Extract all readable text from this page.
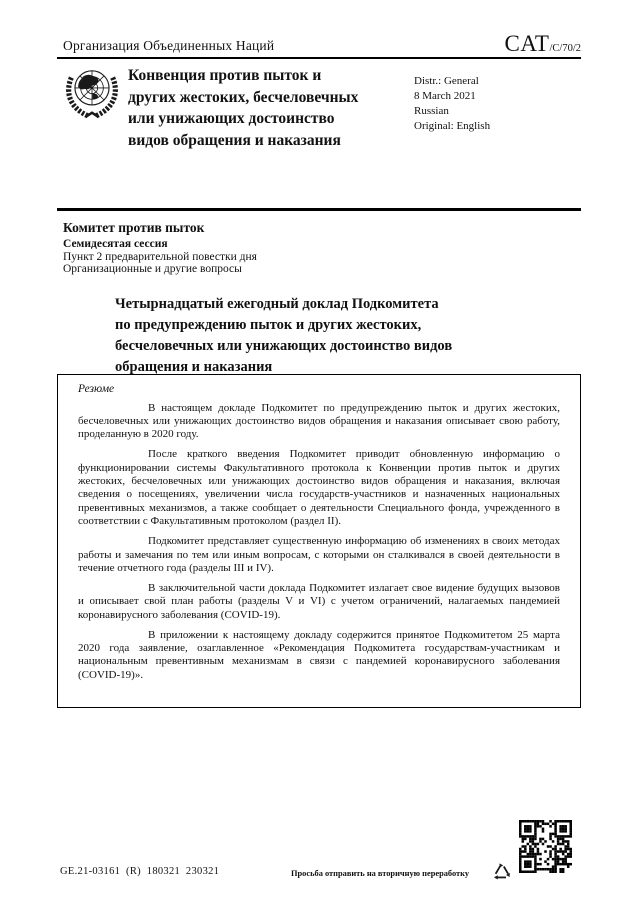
Организация Объединенных Наций	CAT/C/70/2
Конвенция против пыток и
других жестоких, бесчеловечных
или унижающих достоинство
видов обращения и наказания
Distr.: General
8 March 2021
Russian
Original: English
Комитет против пыток
Семидесятая сессия
Пункт 2 предварительной повестки дня
Организационные и другие вопросы
Четырнадцатый ежегодный доклад Подкомитета
по предупреждению пыток и других жестоких,
бесчеловечных или унижающих достоинство видов
обращения и наказания
Резюме

В настоящем докладе Подкомитет по предупреждению пыток и других жестоких, бесчеловечных или унижающих достоинство видов обращения и наказания описывает свою работу, проделанную в 2020 году.

После краткого введения Подкомитет приводит обновленную информацию о функционировании системы Факультативного протокола к Конвенции против пыток и других жестоких, бесчеловечных или унижающих достоинство видов обращения и наказания, включая сведения о посещениях, увеличении числа государств-участников и назначенных национальных превентивных механизмов, а также сообщает о деятельности Специального фонда, учрежденного в соответствии с Факультативным протоколом (раздел II).

Подкомитет представляет существенную информацию об изменениях в своих методах работы и замечания по тем или иным вопросам, с которыми он сталкивался в своей деятельности в течение отчетного года (разделы III и IV).

В заключительной части доклада Подкомитет излагает свое видение будущих вызовов и описывает свой план работы (разделы V и VI) с учетом ограничений, налагаемых пандемией коронавирусного заболевания (COVID-19).

В приложении к настоящему докладу содержится принятое Подкомитетом 25 марта 2020 года заявление, озаглавленное «Рекомендация Подкомитета государствам-участникам и национальным превентивным механизмам в связи с пандемией коронавирусного заболевания (COVID-19)».

GE.21-03161  (R)  180321  230321	Просьба отправить на вторичную переработку
